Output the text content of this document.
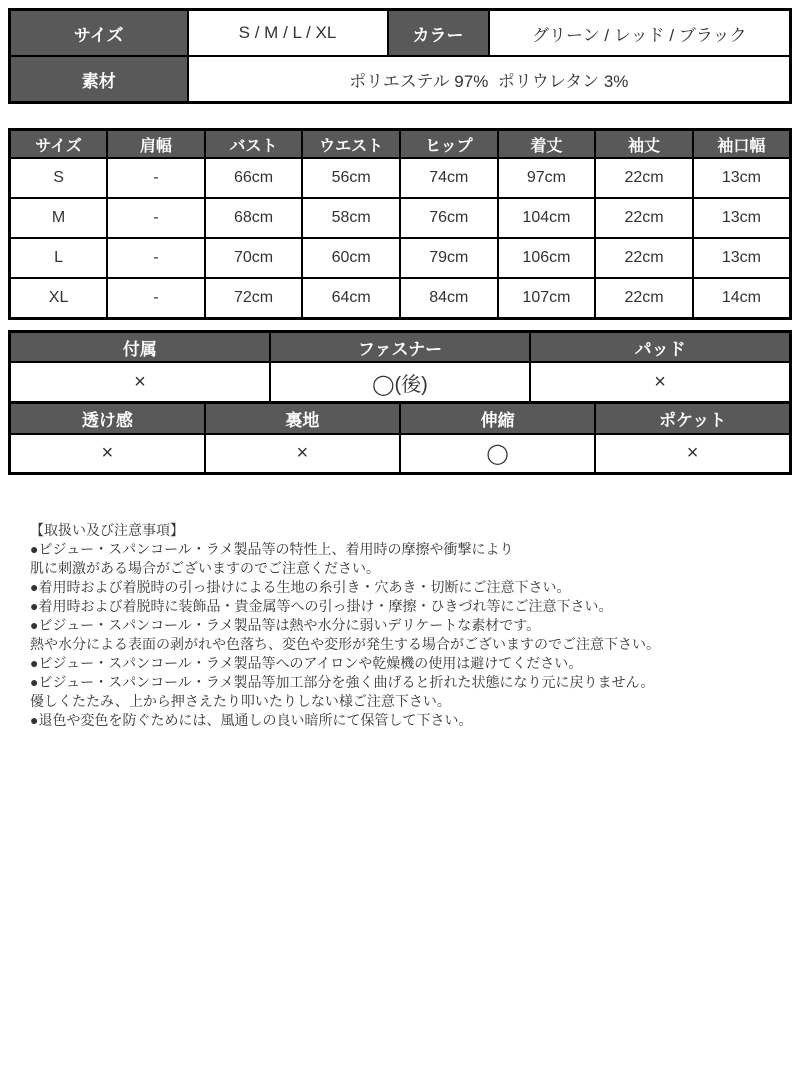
サイズ	S / M / L / XL	カラー	グリーン / レッド / ブラック
素材	ポリエステル 97%  ポリウレタン 3%		
サイズ	肩幅	バスト	ウエスト	ヒップ	着丈	袖丈	袖口幅
S	-	66cm	56cm	74cm	97cm	22cm	13cm
M	-	68cm	58cm	76cm	104cm	22cm	13cm
L	-	70cm	60cm	79cm	106cm	22cm	13cm
XL	-	72cm	64cm	84cm	107cm	22cm	14cm
付属	ファスナー	パッド
×	◯(後)	×
透け感	裏地	伸縮	ポケット
×	×	◯	×
【取扱い及び注意事項】
●ビジュー・スパンコール・ラメ製品等の特性上、着用時の摩擦や衝撃により
肌に刺激がある場合がございますのでご注意ください。
●着用時および着脱時の引っ掛けによる生地の糸引き・穴あき・切断にご注意下さい。
●着用時および着脱時に装飾品・貴金属等への引っ掛け・摩擦・ひきづれ等にご注意下さい。
●ビジュー・スパンコール・ラメ製品等は熱や水分に弱いデリケートな素材です。
熱や水分による表面の剥がれや色落ち、変色や変形が発生する場合がございますのでご注意下さい。
●ビジュー・スパンコール・ラメ製品等へのアイロンや乾燥機の使用は避けてください。
●ビジュー・スパンコール・ラメ製品等加工部分を強く曲げると折れた状態になり元に戻りません。
優しくたたみ、上から押さえたり叩いたりしない様ご注意下さい。
●退色や変色を防ぐためには、風通しの良い暗所にて保管して下さい。
